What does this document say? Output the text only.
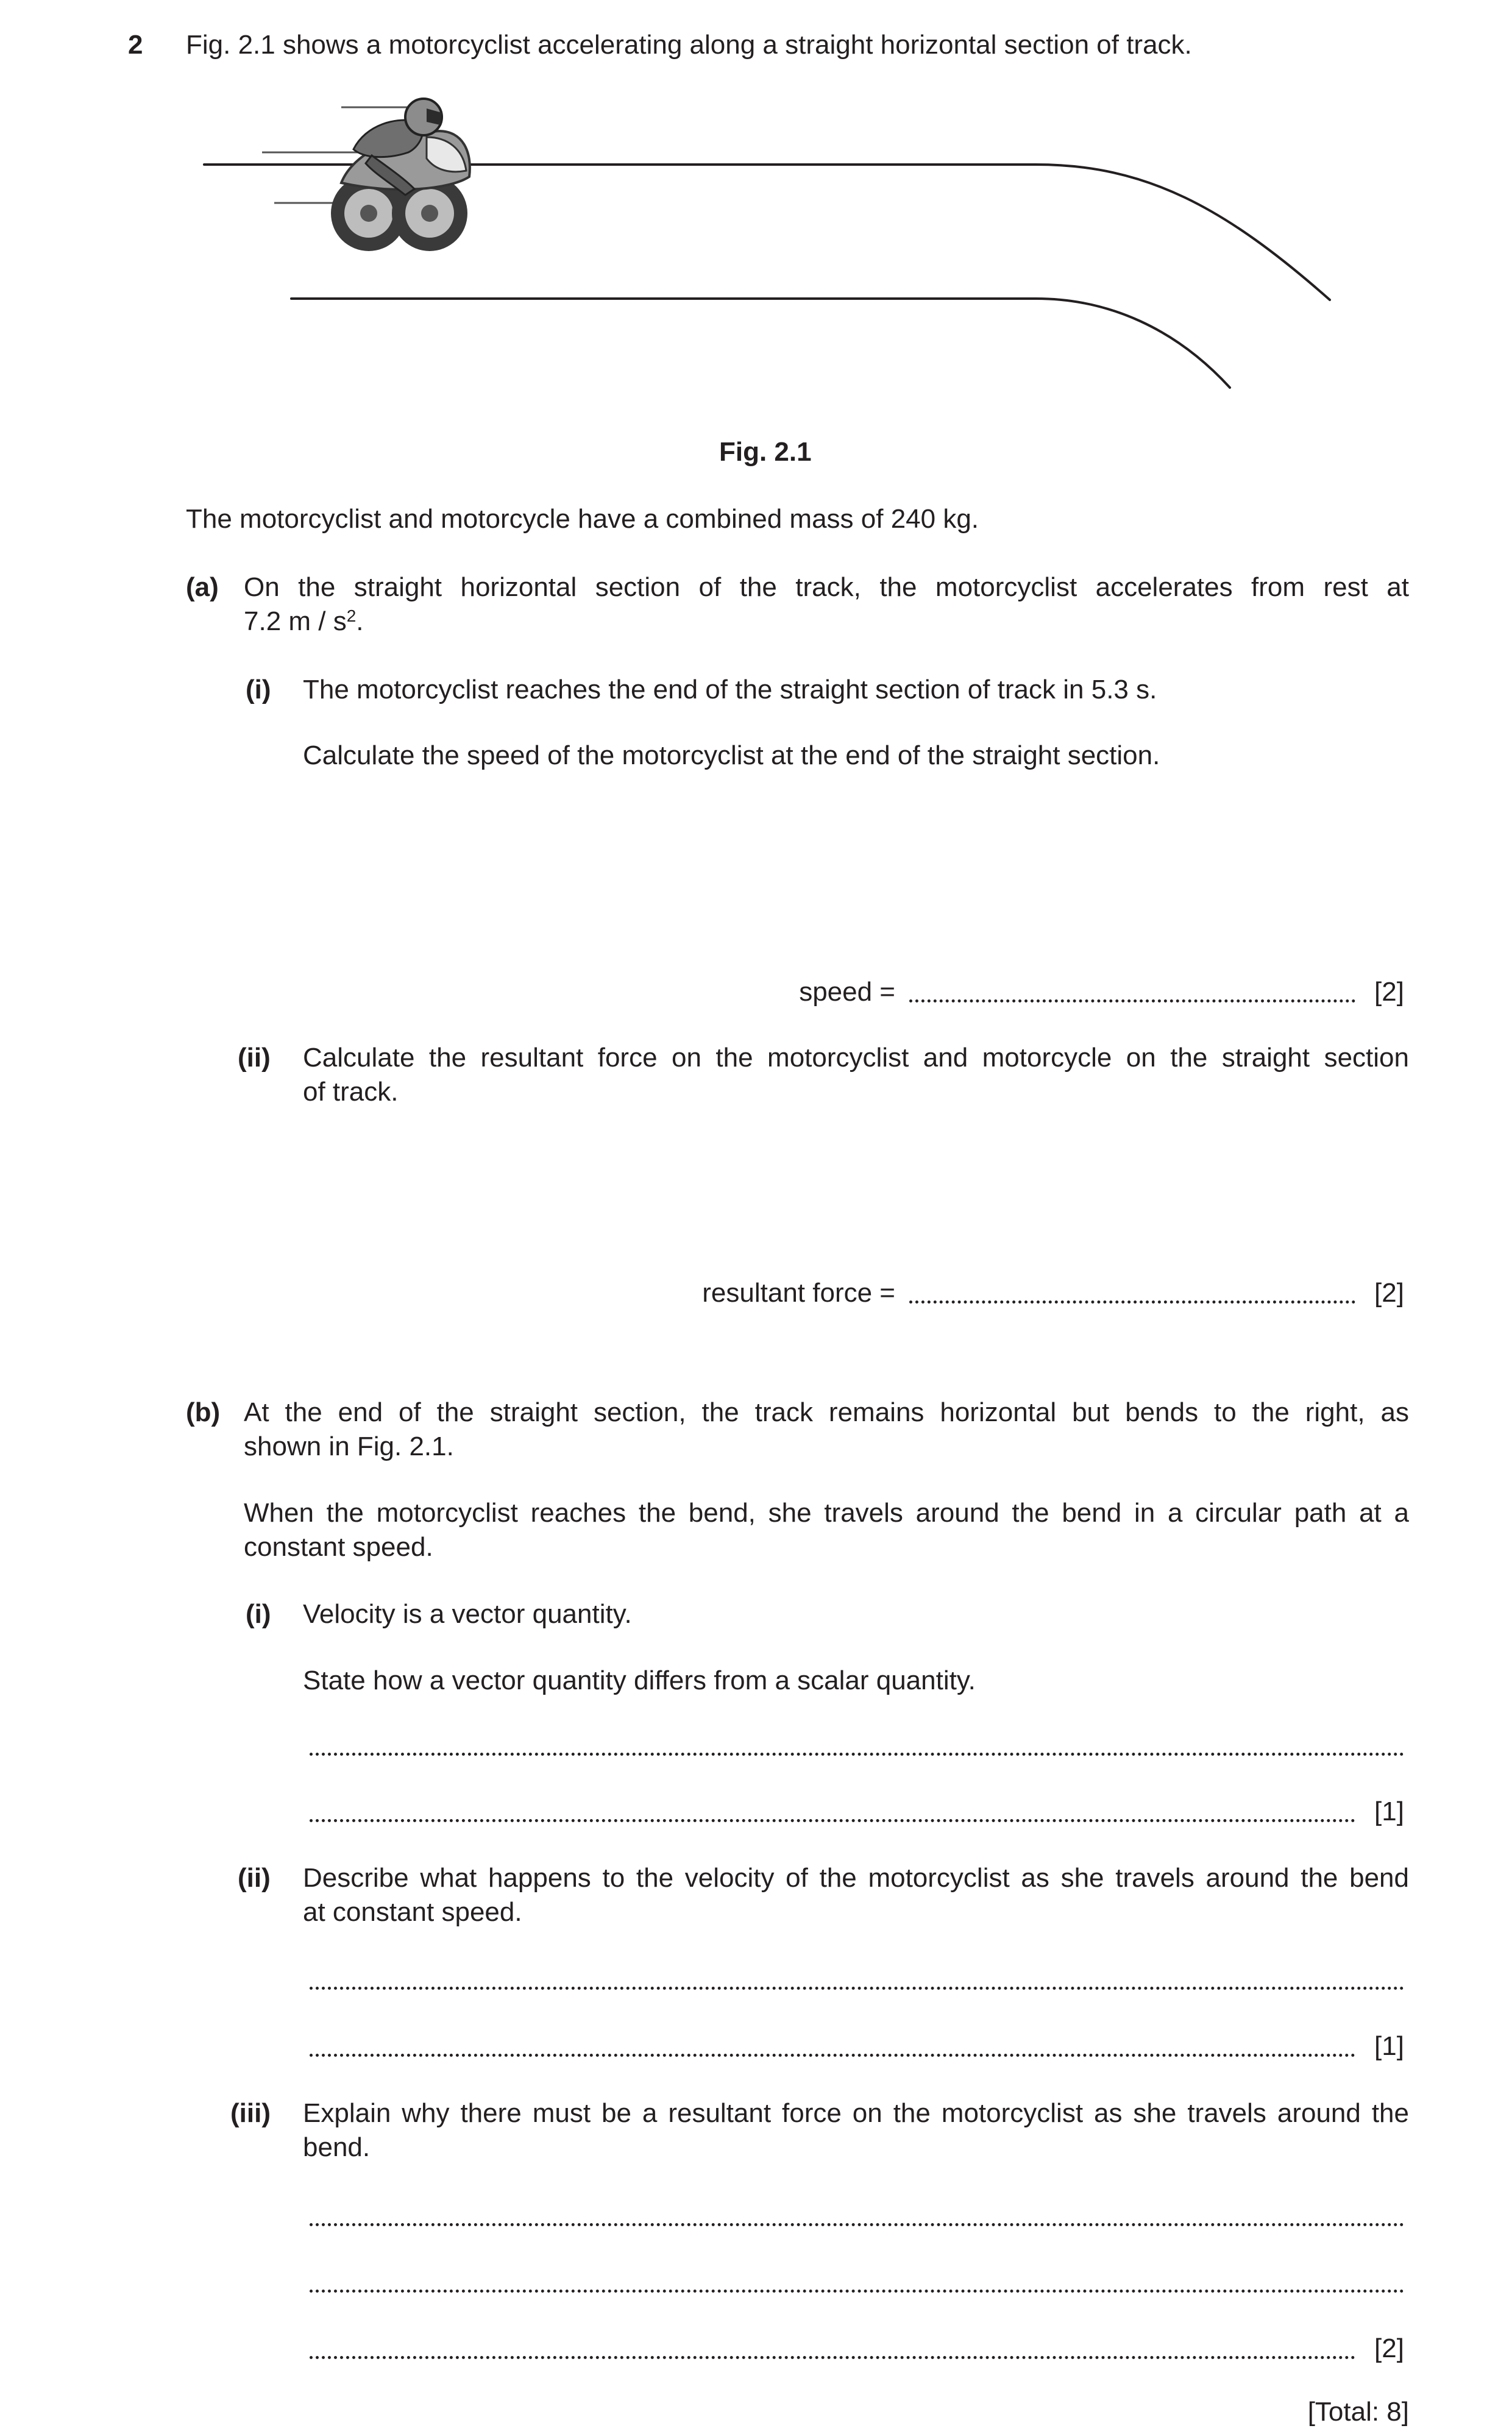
2 Fig. 2.1 shows a motorcyclist accelerating along a straight horizontal section of track.
Fig. 2.1
The motorcyclist and motorcycle have a combined mass of 240 kg.
(a) On the straight horizontal section of the track, the motorcyclist accelerates from rest at
7.2 m / $s^2$.
(i) The motorcyclist reaches the end of the straight section of track in 5.3 s.
Calculate the speed of the motorcyclist at the end of the straight section.
speed =	[2]
(ii) Calculate the resultant force on the motorcyclist and motorcycle on the straight section
of track.
resultant force =	[2]
(b) At the end of the straight section, the track remains horizontal but bends to the right, as
shown in Fig. 2.1.
When the motorcyclist reaches the bend, she travels around the bend in a circular path at a
constant speed.
(i) Velocity is a vector quantity.
State how a vector quantity differs from a scalar quantity.
[1]
(ii) Describe what happens to the velocity of the motorcyclist as she travels around the bend
at constant speed.
[1]
(iii) Explain why there must be a resultant force on the motorcyclist as she travels around the
bend.
[2]
[Total: 8]
